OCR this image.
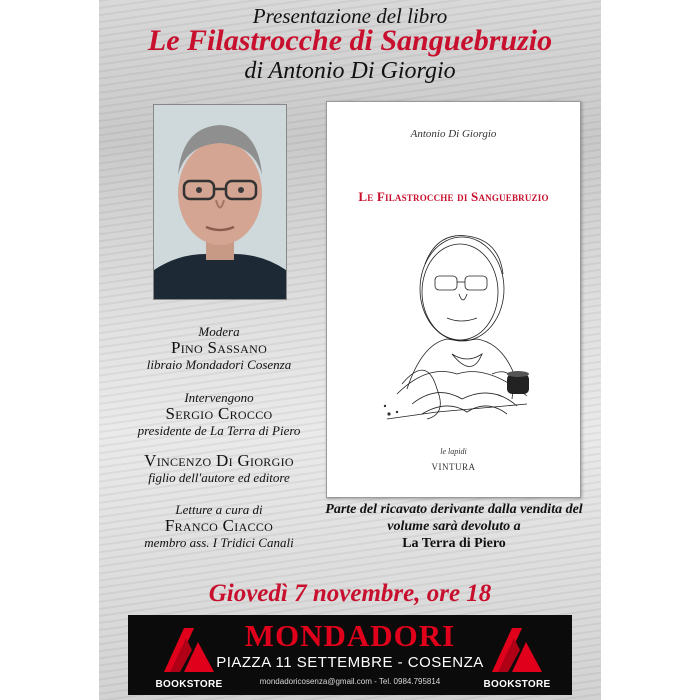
Presentazione del libro
Le Filastrocche di Sanguebruzio
di Antonio Di Giorgio
Antonio Di Giorgio
Le Filastrocche di Sanguebruzio
le lapidi
VINTURA
Modera
Pino Sassano
libraio Mondadori Cosenza
Intervengono
Sergio Crocco
presidente de La Terra di Piero
Vincenzo Di Giorgio
figlio dell'autore ed editore
Letture a cura di
Franco Ciacco
membro ass. I Tridici Canali
Parte del ricavato derivante dalla vendita del volume sarà devoluto a
La Terra di Piero
Giovedì 7 novembre, ore 18
BOOKSTORE	BOOKSTORE
MONDADORI
PIAZZA 11 SETTEMBRE - COSENZA
mondadoricosenza@gmail.com - Tel. 0984.795814
